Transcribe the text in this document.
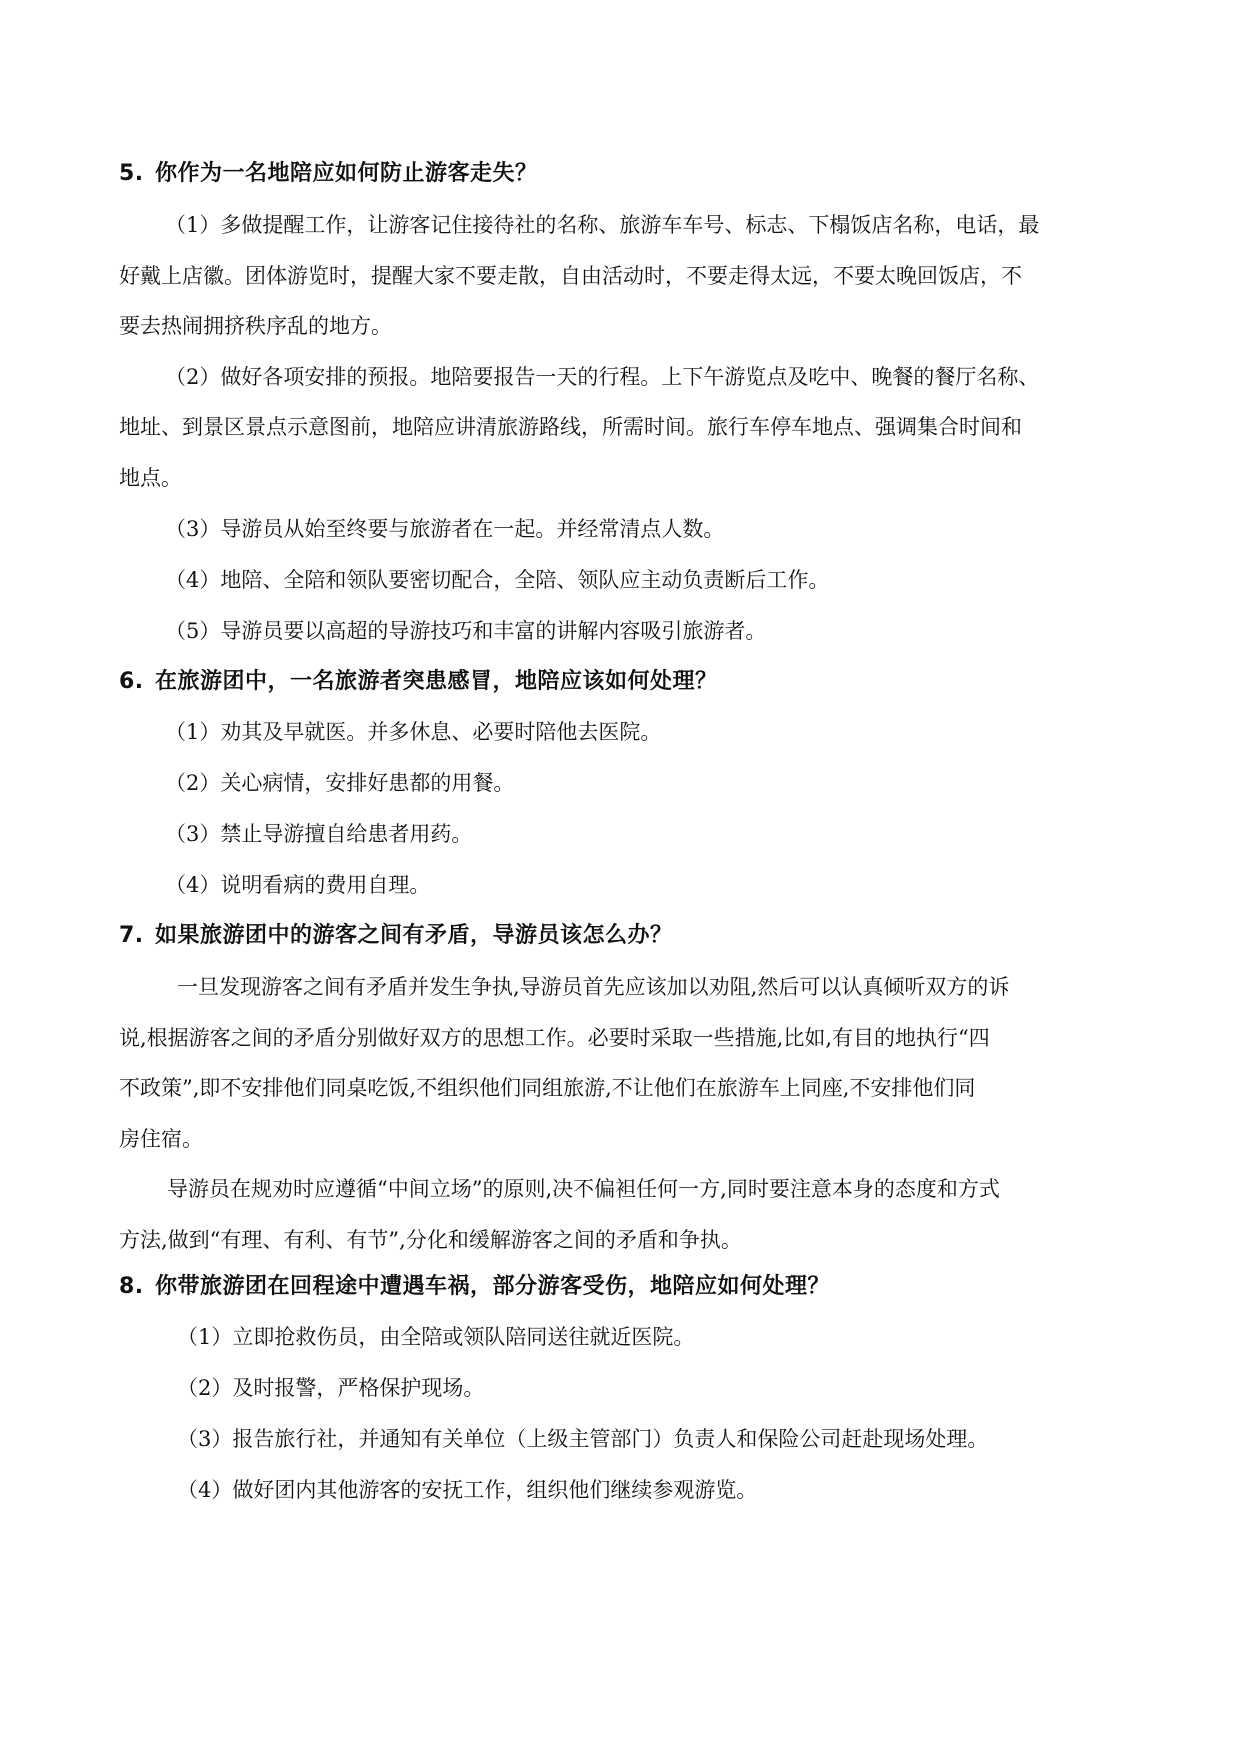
5. 你作为一名地陪应如何防止游客走失？
（1）多做提醒工作，让游客记住接待社的名称、旅游车车号、标志、下榻饭店名称，电话，最
好戴上店徽。团体游览时，提醒大家不要走散，自由活动时，不要走得太远，不要太晚回饭店，不
要去热闹拥挤秩序乱的地方。
（2）做好各项安排的预报。地陪要报告一天的行程。上下午游览点及吃中、晚餐的餐厅名称、
地址、到景区景点示意图前，地陪应讲清旅游路线，所需时间。旅行车停车地点、强调集合时间和
地点。
（3）导游员从始至终要与旅游者在一起。并经常清点人数。
（4）地陪、全陪和领队要密切配合，全陪、领队应主动负责断后工作。
（5）导游员要以高超的导游技巧和丰富的讲解内容吸引旅游者。
6. 在旅游团中，一名旅游者突患感冒，地陪应该如何处理？
（1）劝其及早就医。并多休息、必要时陪他去医院。
（2）关心病情，安排好患都的用餐。
（3）禁止导游擅自给患者用药。
（4）说明看病的费用自理。
7. 如果旅游团中的游客之间有矛盾，导游员该怎么办？
一旦发现游客之间有矛盾并发生争执,导游员首先应该加以劝阻,然后可以认真倾听双方的诉
说,根据游客之间的矛盾分别做好双方的思想工作。必要时采取一些措施,比如,有目的地执行“四
不政策”,即不安排他们同桌吃饭,不组织他们同组旅游,不让他们在旅游车上同座,不安排他们同
房住宿。
导游员在规劝时应遵循“中间立场”的原则,决不偏袒任何一方,同时要注意本身的态度和方式
方法,做到“有理、有利、有节”,分化和缓解游客之间的矛盾和争执。
8. 你带旅游团在回程途中遭遇车祸，部分游客受伤，地陪应如何处理？
（1）立即抢救伤员，由全陪或领队陪同送往就近医院。
（2）及时报警，严格保护现场。
（3）报告旅行社，并通知有关单位（上级主管部门）负责人和保险公司赶赴现场处理。
（4）做好团内其他游客的安抚工作，组织他们继续参观游览。
